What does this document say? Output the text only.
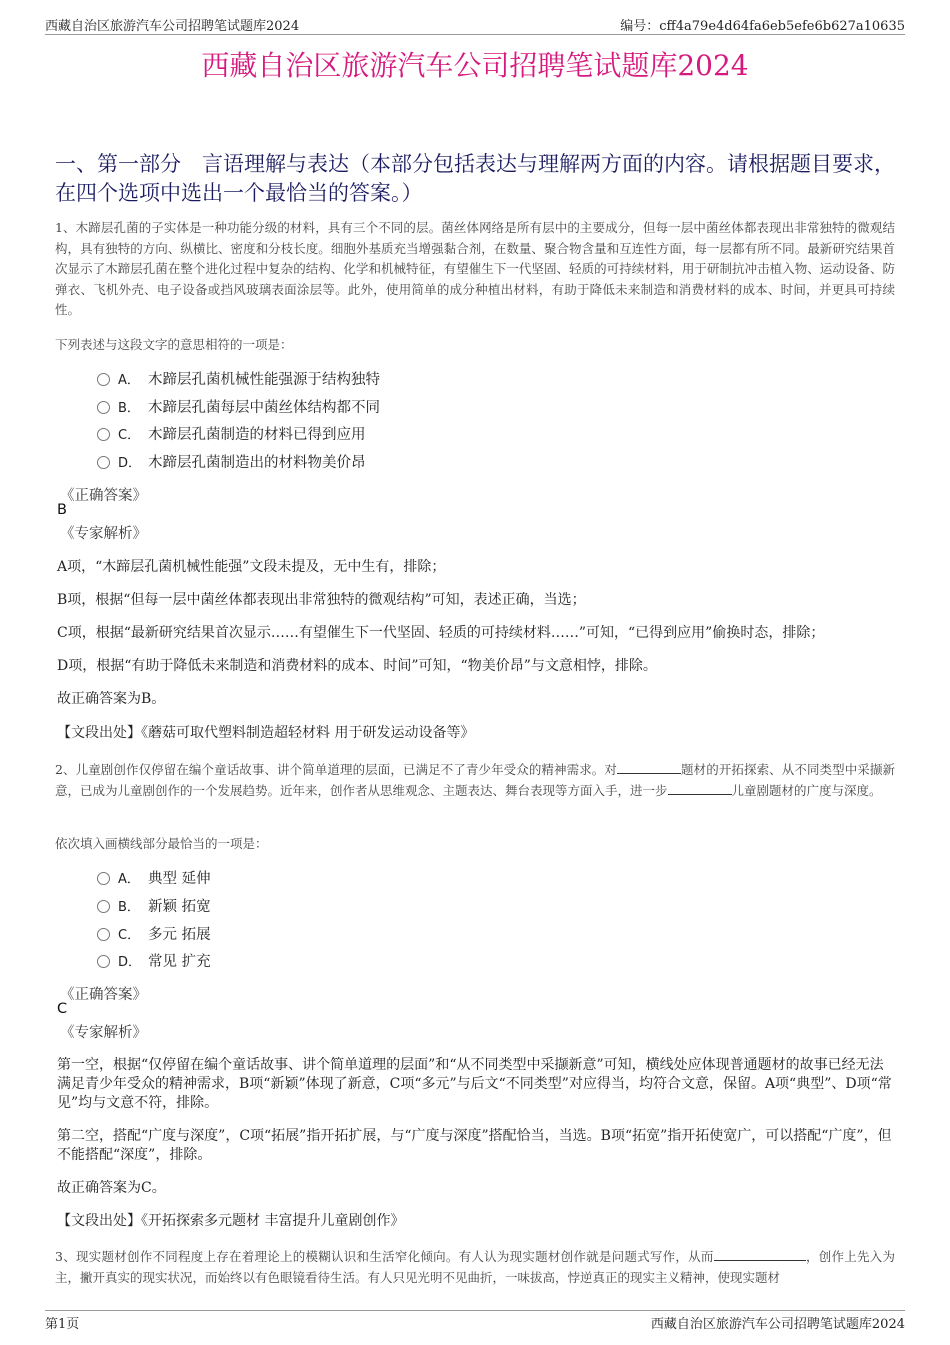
西藏自治区旅游汽车公司招聘笔试题库2024	编号：cff4a79e4d64fa6eb5efe6b627a10635
西藏自治区旅游汽车公司招聘笔试题库2024
一、第一部分　言语理解与表达（本部分包括表达与理解两方面的内容。请根据题目要求，在四个选项中选出一个最恰当的答案。）
1、木蹄层孔菌的子实体是一种功能分级的材料，具有三个不同的层。菌丝体网络是所有层中的主要成分，但每一层中菌丝体都表现出非常独特的微观结构，具有独特的方向、纵横比、密度和分枝长度。细胞外基质充当增强黏合剂，在数量、聚合物含量和互连性方面，每一层都有所不同。最新研究结果首次显示了木蹄层孔菌在整个进化过程中复杂的结构、化学和机械特征，有望催生下一代坚固、轻质的可持续材料，用于研制抗冲击植入物、运动设备、防弹衣、飞机外壳、电子设备或挡风玻璃表面涂层等。此外，使用简单的成分种植出材料，有助于降低未来制造和消费材料的成本、时间，并更具可持续性。
下列表述与这段文字的意思相符的一项是：
A． 木蹄层孔菌机械性能强源于结构独特
B． 木蹄层孔菌每层中菌丝体结构都不同
C． 木蹄层孔菌制造的材料已得到应用
D． 木蹄层孔菌制造出的材料物美价昂
《正确答案》
B
《专家解析》
A项，“木蹄层孔菌机械性能强”文段未提及，无中生有，排除；
B项，根据“但每一层中菌丝体都表现出非常独特的微观结构”可知，表述正确，当选；
C项，根据“最新研究结果首次显示……有望催生下一代坚固、轻质的可持续材料……”可知，“已得到应用”偷换时态，排除；
D项，根据“有助于降低未来制造和消费材料的成本、时间”可知，“物美价昂”与文意相悖，排除。
故正确答案为B。
【文段出处】《蘑菇可取代塑料制造超轻材料 用于研发运动设备等》
2、儿童剧创作仅停留在编个童话故事、讲个简单道理的层面，已满足不了青少年受众的精神需求。对	题材的开拓探索、从不同类型中采撷新意，已成为儿童剧创作的一个发展趋势。近年来，创作者从思维观念、主题表达、舞台表现等方面入手，进一步	儿童剧题材的广度与深度。
依次填入画横线部分最恰当的一项是：
A． 典型 延伸
B． 新颖 拓宽
C． 多元 拓展
D． 常见 扩充
《正确答案》
C
《专家解析》
第一空，根据“仅停留在编个童话故事、讲个简单道理的层面”和“从不同类型中采撷新意”可知，横线处应体现普通题材的故事已经无法满足青少年受众的精神需求，B项“新颖”体现了新意，C项“多元”与后文“不同类型”对应得当，均符合文意，保留。A项“典型”、D项“常见”均与文意不符，排除。
第二空，搭配“广度与深度”，C项“拓展”指开拓扩展，与“广度与深度”搭配恰当，当选。B项“拓宽”指开拓使宽广，可以搭配“广度”，但不能搭配“深度”，排除。
故正确答案为C。
【文段出处】《开拓探索多元题材 丰富提升儿童剧创作》
3、现实题材创作不同程度上存在着理论上的模糊认识和生活窄化倾向。有人认为现实题材创作就是问题式写作，从而	，创作上先入为主，撇开真实的现实状况，而始终以有色眼镜看待生活。有人只见光明不见曲折，一味拔高，悖逆真正的现实主义精神，使现实题材
第1页	西藏自治区旅游汽车公司招聘笔试题库2024
